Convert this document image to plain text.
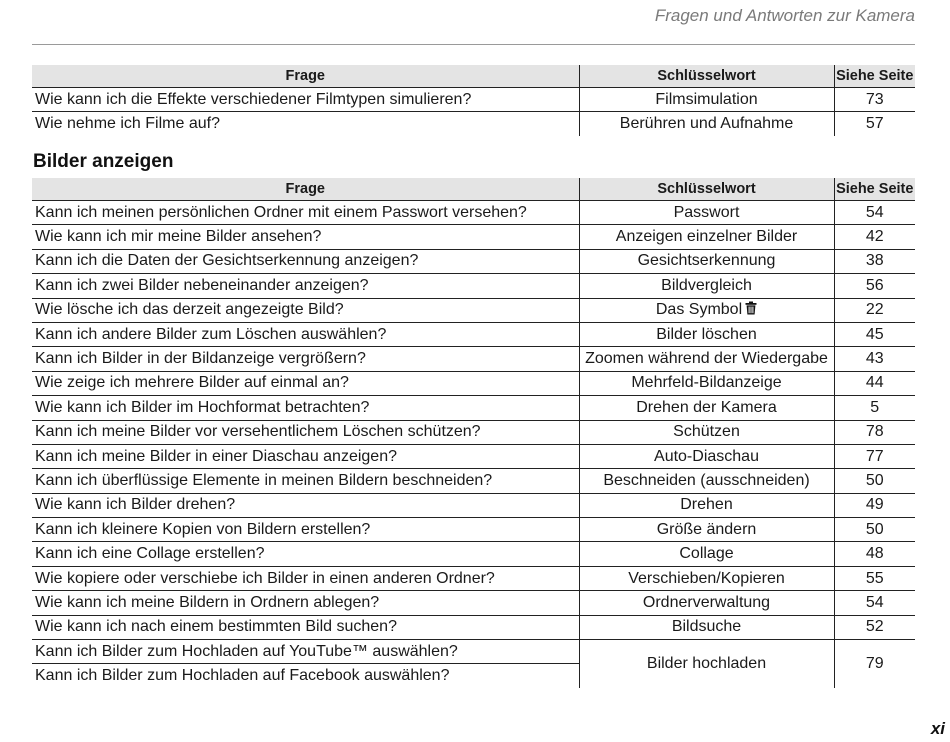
Fragen und Antworten zur Kamera
Frage	Schlüsselwort	Siehe Seite
Wie kann ich die Effekte verschiedener Filmtypen simulieren?	Filmsimulation	73
Wie nehme ich Filme auf?	Berühren und Aufnahme	57
Bilder anzeigen
Frage	Schlüsselwort	Siehe Seite
Kann ich meinen persönlichen Ordner mit einem Passwort versehen?	Passwort	54
Wie kann ich mir meine Bilder ansehen?	Anzeigen einzelner Bilder	42
Kann ich die Daten der Gesichtserkennung anzeigen?	Gesichtserkennung	38
Kann ich zwei Bilder nebeneinander anzeigen?	Bildvergleich	56
Wie lösche ich das derzeit angezeigte Bild?	Das Symbol	22
Kann ich andere Bilder zum Löschen auswählen?	Bilder löschen	45
Kann ich Bilder in der Bildanzeige vergrößern?	Zoomen während der Wiedergabe	43
Wie zeige ich mehrere Bilder auf einmal an?	Mehrfeld-Bildanzeige	44
Wie kann ich Bilder im Hochformat betrachten?	Drehen der Kamera	5
Kann ich meine Bilder vor versehentlichem Löschen schützen?	Schützen	78
Kann ich meine Bilder in einer Diaschau anzeigen?	Auto-Diaschau	77
Kann ich überflüssige Elemente in meinen Bildern beschneiden?	Beschneiden (ausschneiden)	50
Wie kann ich Bilder drehen?	Drehen	49
Kann ich kleinere Kopien von Bildern erstellen?	Größe ändern	50
Kann ich eine Collage erstellen?	Collage	48
Wie kopiere oder verschiebe ich Bilder in einen anderen Ordner?	Verschieben/Kopieren	55
Wie kann ich meine Bildern in Ordnern ablegen?	Ordnerverwaltung	54
Wie kann ich nach einem bestimmten Bild suchen?	Bildsuche	52
Kann ich Bilder zum Hochladen auf YouTube™ auswählen?	Bilder hochladen	79
Kann ich Bilder zum Hochladen auf Facebook auswählen?		
xi
